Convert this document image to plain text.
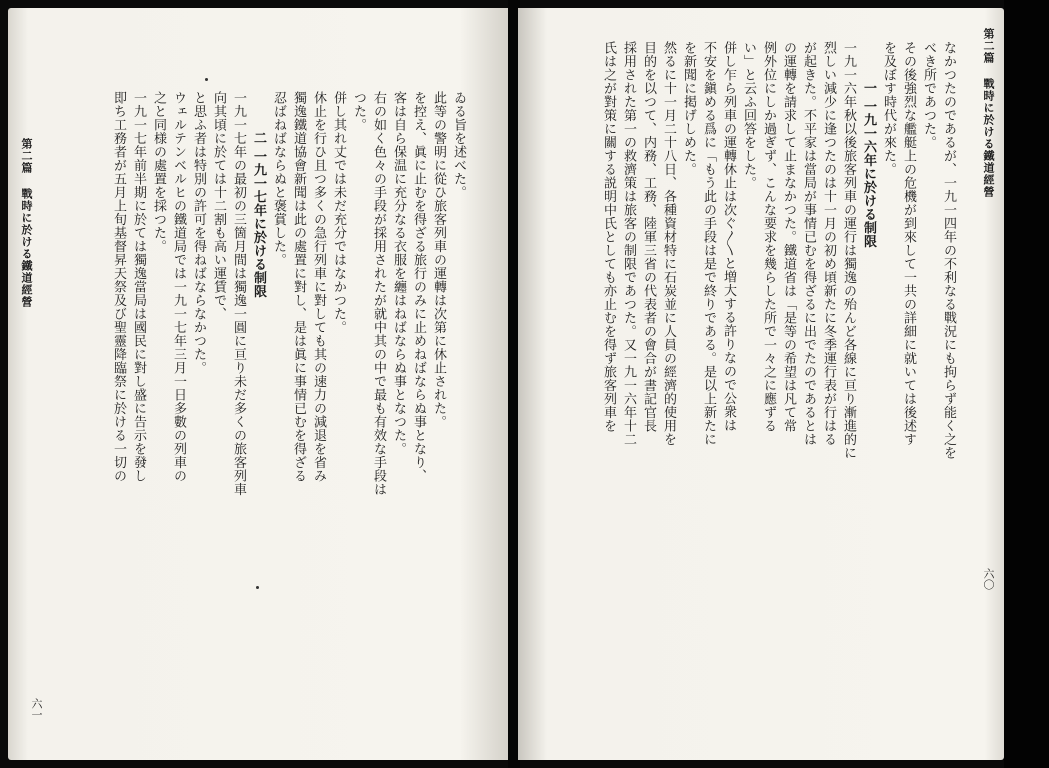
第二篇 戰時に於ける鐵道經營	ゐる旨を述べた。

此等の警明に從ひ旅客列車の運轉は次第に休止された。

を控え、眞に止むを得ざる旅行のみに止めねばならぬ事となり、

客は自ら保温に充分なる衣服を纏はねばならぬ事となつた。

右の如く色々の手段が採用されたが就中其の中で最も有效な手段は

つた。

併し其れ丈では未だ充分ではなかつた。

休止を行ひ且つ多くの急行列車に對しても其の速力の減退を省み

獨逸鐵道協會新聞は此の處置に對し、是は眞に事情已むを得ざる

忍ばねばならぬと褒賞した。

二 一九一七年に於ける制限

一九一七年の最初の三箇月間は獨逸一圓に亘り未だ多くの旅客列車

向其頃に於ては十二割も高い運賃で、

と思ふ者は特別の許可を得ねばならなかつた。

ウェルテンベルヒの鐵道局では一九一七年三月一日多數の列車の

之と同様の處置を採つた。

一九一七年前半期に於ては獨逸當局は國民に對し盛に告示を發し

即ち工務者が五月上旬基督昇天祭及び聖靈降臨祭に於ける一切の

六一
第二篇 戰時に於ける鐵道經營

なかつたのであるが、一九一四年の不利なる戰況にも拘らず能く之を

べき所であつた。

その後強烈な艦艇上の危機が到來して一共の詳細に就いては後述す

を及ぼす時代が來た。

一 一九一六年に於ける制限

一九一六年秋以後旅客列車の運行は獨逸の殆んど各線に亘り漸進的に

烈しい減少に逢つたのは十一月の初め頃新たに冬季運行表が行はる

が起きた。不平家は當局が事情已むを得ざるに出でたのであるとは

の運轉を請求して止まなかつた。鐵道省は「是等の希望は凡て常

例外位にしか過ぎず、こんな要求を幾らした所で一々之に應ずる

い」と云ふ回答をした。

併し乍ら列車の運轉休止は次ぐ〳〵と増大する許りなので公衆は

不安を鎭める爲に「もう此の手段は是で終りである。是以上新たに

を新聞に掲げしめた。

然るに十一月二十八日、各種資材特に石炭並に人員の經濟的使用を

目的を以つて、内務、工務、陸軍三省の代表者の會合が書記官長

採用された第一の救濟策は旅客の制限であつた。又一九一六年十二

氏は之が對策に關する説明中氏としても亦止むを得ず旅客列車を

六〇
